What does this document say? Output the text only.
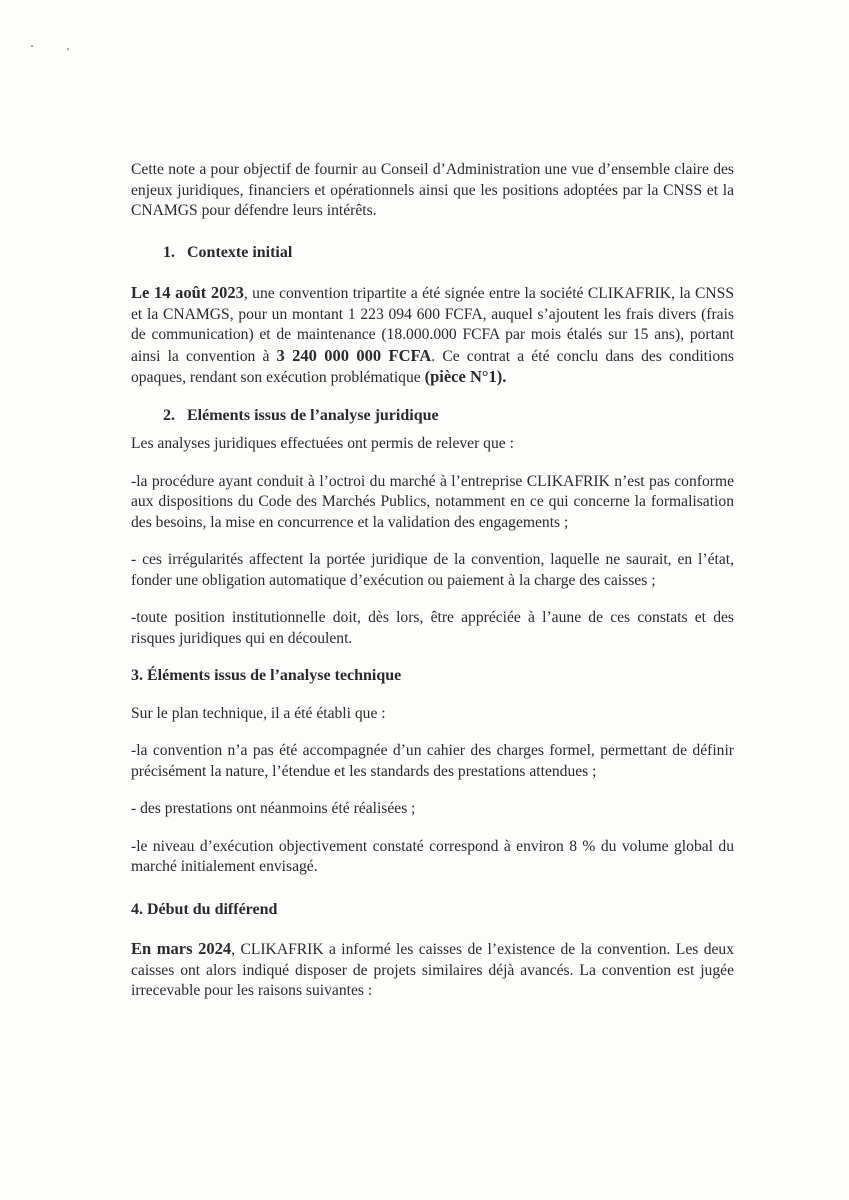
Cette note a pour objectif de fournir au Conseil d’Administration une vue d’ensemble claire des enjeux juridiques, financiers et opérationnels ainsi que les positions adoptées par la CNSS et la CNAMGS pour défendre leurs intérêts.

1. Contexte initial

Le 14 août 2023, une convention tripartite a été signée entre la société CLIKAFRIK, la CNSS et la CNAMGS, pour un montant 1 223 094 600 FCFA, auquel s’ajoutent les frais divers (frais de communication) et de maintenance (18.000.000 FCFA par mois étalés sur 15 ans), portant ainsi la convention à 3 240 000 000 FCFA. Ce contrat a été conclu dans des conditions opaques, rendant son exécution problématique (pièce N°1).

2. Eléments issus de l’analyse juridique

Les analyses juridiques effectuées ont permis de relever que :

-la procédure ayant conduit à l’octroi du marché à l’entreprise CLIKAFRIK n’est pas conforme aux dispositions du Code des Marchés Publics, notamment en ce qui concerne la formalisation des besoins, la mise en concurrence et la validation des engagements ;

- ces irrégularités affectent la portée juridique de la convention, laquelle ne saurait, en l’état, fonder une obligation automatique d’exécution ou paiement à la charge des caisses ;

-toute position institutionnelle doit, dès lors, être appréciée à l’aune de ces constats et des risques juridiques qui en découlent.

3. Éléments issus de l’analyse technique

Sur le plan technique, il a été établi que :

-la convention n’a pas été accompagnée d’un cahier des charges formel, permettant de définir précisément la nature, l’étendue et les standards des prestations attendues ;

- des prestations ont néanmoins été réalisées ;

-le niveau d’exécution objectivement constaté correspond à environ 8 % du volume global du marché initialement envisagé.

4. Début du différend

En mars 2024, CLIKAFRIK a informé les caisses de l’existence de la convention. Les deux caisses ont alors indiqué disposer de projets similaires déjà avancés. La convention est jugée irrecevable pour les raisons suivantes :
